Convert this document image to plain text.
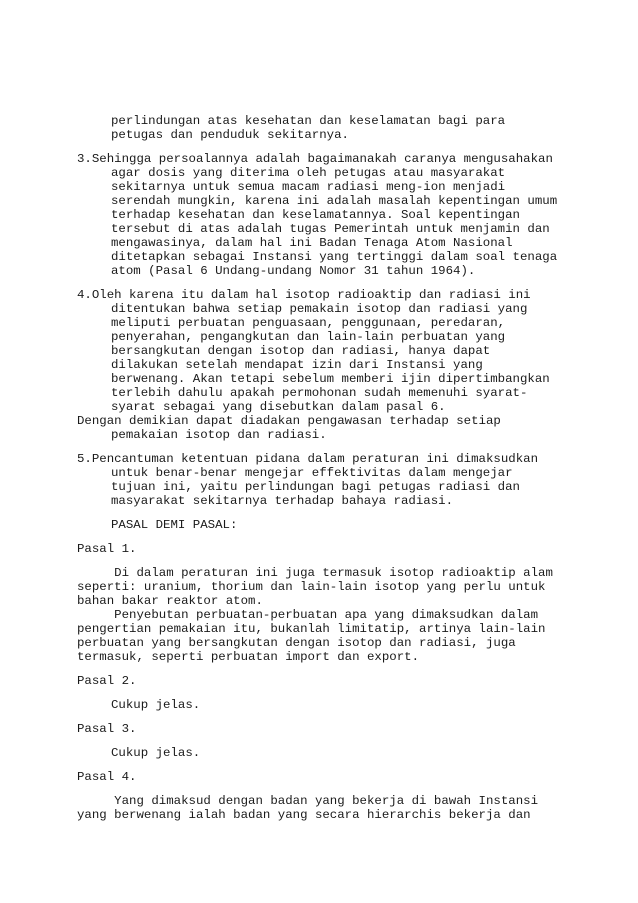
perlindungan atas kesehatan dan keselamatan bagi para
petugas dan penduduk sekitarnya.
3.Sehingga persoalannya adalah bagaimanakah caranya mengusahakan
agar dosis yang diterima oleh petugas atau masyarakat
sekitarnya untuk semua macam radiasi meng-ion menjadi
serendah mungkin, karena ini adalah masalah kepentingan umum
terhadap kesehatan dan keselamatannya. Soal kepentingan
tersebut di atas adalah tugas Pemerintah untuk menjamin dan
mengawasinya, dalam hal ini Badan Tenaga Atom Nasional
ditetapkan sebagai Instansi yang tertinggi dalam soal tenaga
atom (Pasal 6 Undang-undang Nomor 31 tahun 1964).
4.Oleh karena itu dalam hal isotop radioaktip dan radiasi ini
ditentukan bahwa setiap pemakain isotop dan radiasi yang
meliputi perbuatan penguasaan, penggunaan, peredaran,
penyerahan, pengangkutan dan lain-lain perbuatan yang
bersangkutan dengan isotop dan radiasi, hanya dapat
dilakukan setelah mendapat izin dari Instansi yang
berwenang. Akan tetapi sebelum memberi ijin dipertimbangkan
terlebih dahulu apakah permohonan sudah memenuhi syarat-
syarat sebagai yang disebutkan dalam pasal 6.
Dengan demikian dapat diadakan pengawasan terhadap setiap
pemakaian isotop dan radiasi.
5.Pencantuman ketentuan pidana dalam peraturan ini dimaksudkan
untuk benar-benar mengejar effektivitas dalam mengejar
tujuan ini, yaitu perlindungan bagi petugas radiasi dan
masyarakat sekitarnya terhadap bahaya radiasi.
PASAL DEMI PASAL:
Pasal 1.
Di dalam peraturan ini juga termasuk isotop radioaktip alam
seperti: uranium, thorium dan lain-lain isotop yang perlu untuk
bahan bakar reaktor atom.
Penyebutan perbuatan-perbuatan apa yang dimaksudkan dalam
pengertian pemakaian itu, bukanlah limitatip, artinya lain-lain
perbuatan yang bersangkutan dengan isotop dan radiasi, juga
termasuk, seperti perbuatan import dan export.
Pasal 2.
Cukup jelas.
Pasal 3.
Cukup jelas.
Pasal 4.
Yang dimaksud dengan badan yang bekerja di bawah Instansi
yang berwenang ialah badan yang secara hierarchis bekerja dan
